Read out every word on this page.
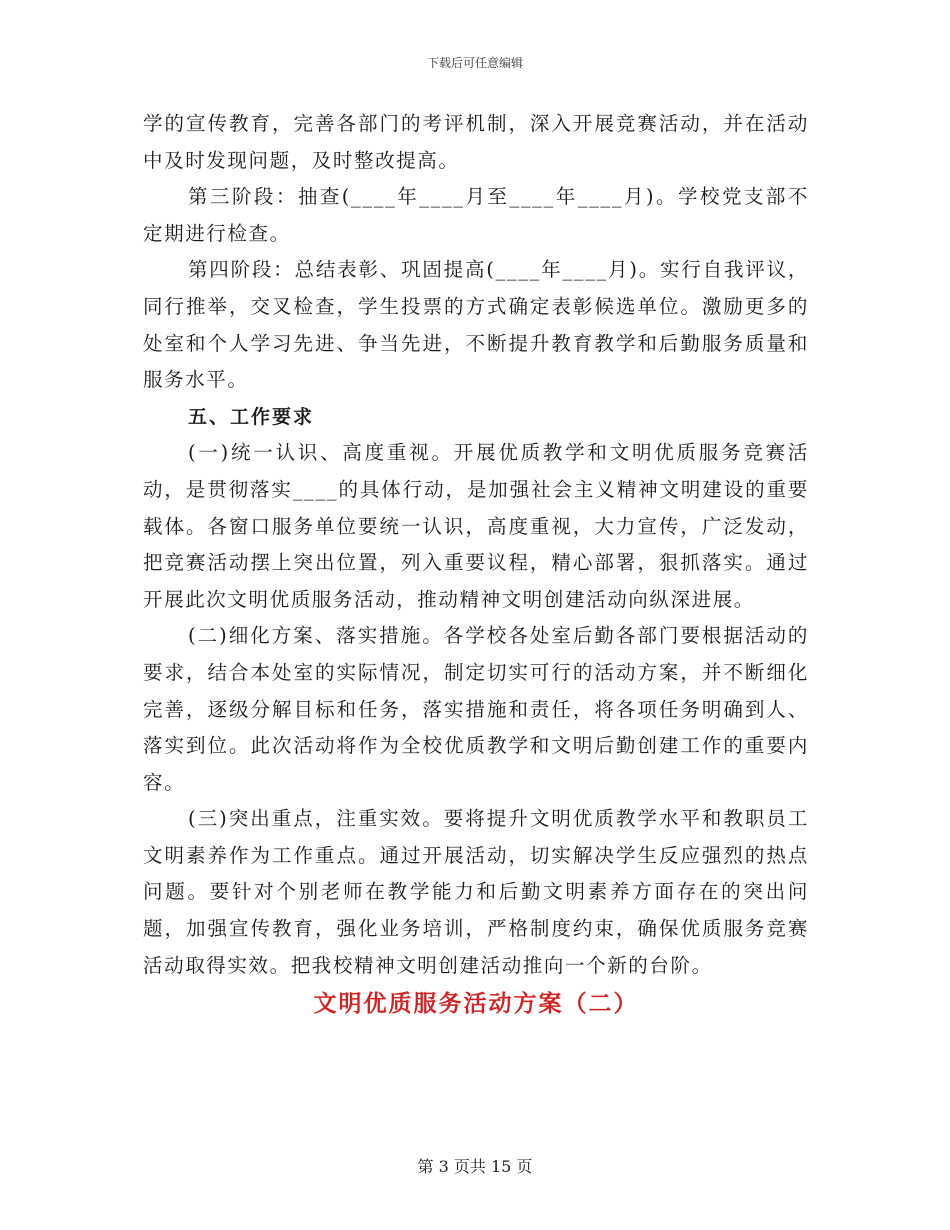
下载后可任意编辑

学的宣传教育，完善各部门的考评机制，深入开展竞赛活动，并在活动中及时发现问题，及时整改提高。

第三阶段：抽查(____年____月至____年____月)。学校党支部不定期进行检查。

第四阶段：总结表彰、巩固提高(____年____月)。实行自我评议，同行推举，交叉检查，学生投票的方式确定表彰候选单位。激励更多的处室和个人学习先进、争当先进，不断提升教育教学和后勤服务质量和服务水平。

五、工作要求

(一)统一认识、高度重视。开展优质教学和文明优质服务竞赛活动，是贯彻落实____的具体行动，是加强社会主义精神文明建设的重要载体。各窗口服务单位要统一认识，高度重视，大力宣传，广泛发动，把竞赛活动摆上突出位置，列入重要议程，精心部署，狠抓落实。通过开展此次文明优质服务活动，推动精神文明创建活动向纵深进展。

(二)细化方案、落实措施。各学校各处室后勤各部门要根据活动的要求，结合本处室的实际情况，制定切实可行的活动方案，并不断细化完善，逐级分解目标和任务，落实措施和责任，将各项任务明确到人、落实到位。此次活动将作为全校优质教学和文明后勤创建工作的重要内容。

(三)突出重点，注重实效。要将提升文明优质教学水平和教职员工文明素养作为工作重点。通过开展活动，切实解决学生反应强烈的热点问题。要针对个别老师在教学能力和后勤文明素养方面存在的突出问题，加强宣传教育，强化业务培训，严格制度约束，确保优质服务竞赛活动取得实效。把我校精神文明创建活动推向一个新的台阶。

文明优质服务活动方案（二）
第 3 页共 15 页
